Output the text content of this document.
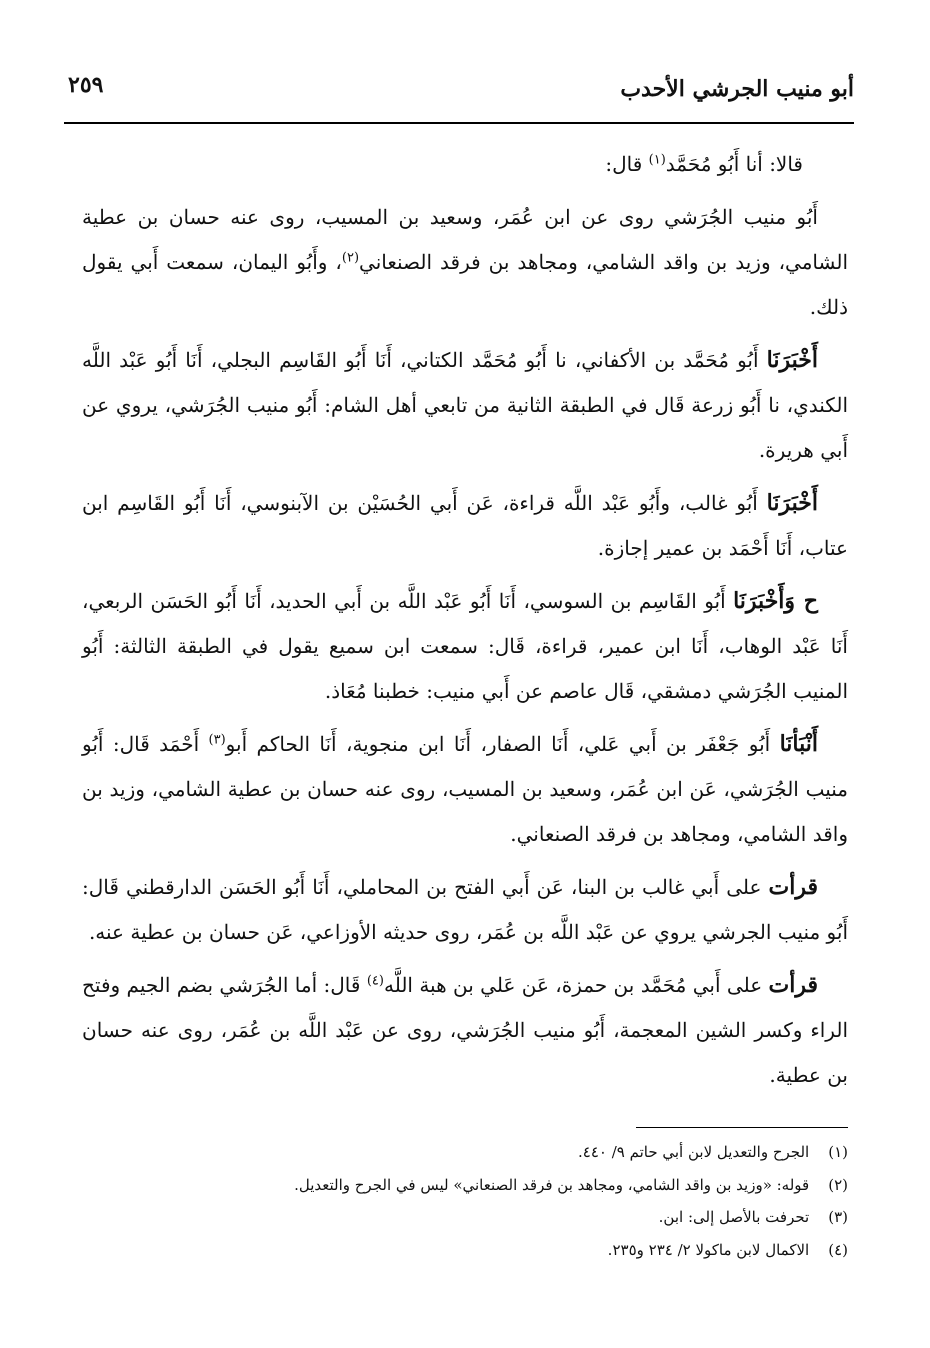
أبو منيب الجرشي الأحدب
٢٥٩

قالا: أنا أَبُو مُحَمَّد$^{(١)}$ قال:

أَبُو منيب الجُرَشي روى عن ابن عُمَر، وسعيد بن المسيب، روى عنه حسان بن عطية الشامي، وزيد بن واقد الشامي، ومجاهد بن فرقد الصنعاني$^{(٢)}$، وأَبُو اليمان، سمعت أَبي يقول ذلك.

أَخْبَرَنَا أَبُو مُحَمَّد بن الأكفاني، نا أَبُو مُحَمَّد الكتاني، أَنَا أَبُو القَاسِم البجلي، أَنَا أَبُو عَبْد اللَّه الكندي، نا أَبُو زرعة قَال في الطبقة الثانية من تابعي أهل الشام: أَبُو منيب الجُرَشي، يروي عن أَبي هريرة.

أَخْبَرَنَا أَبُو غالب، وأَبُو عَبْد اللَّه قراءة، عَن أَبي الحُسَيْن بن الآبنوسي، أَنَا أَبُو القَاسِم ابن عتاب، أَنَا أَحْمَد بن عمير إجازة.

ح وَأَخْبَرَنَا أَبُو القَاسِم بن السوسي، أَنَا أَبُو عَبْد اللَّه بن أَبي الحديد، أَنَا أَبُو الحَسَن الربعي، أَنَا عَبْد الوهاب، أَنَا ابن عمير، قراءة، قَال: سمعت ابن سميع يقول في الطبقة الثالثة: أَبُو المنيب الجُرَشي دمشقي، قَال عاصم عن أَبي منيب: خطبنا مُعَاذ.

أَنْبَأنَا أَبُو جَعْفَر بن أَبي عَلي، أَنَا الصفار، أَنَا ابن منجوية، أَنَا الحاكم أَبو$^{(٣)}$ أَحْمَد قَال: أَبُو منيب الجُرَشي، عَن ابن عُمَر، وسعيد بن المسيب، روى عنه حسان بن عطية الشامي، وزيد بن واقد الشامي، ومجاهد بن فرقد الصنعاني.

قرأت على أَبي غالب بن البنا، عَن أَبي الفتح بن المحاملي، أَنَا أَبُو الحَسَن الدارقطني قَال: أَبُو منيب الجرشي يروي عن عَبْد اللَّه بن عُمَر، روى حديثه الأوزاعي، عَن حسان بن عطية عنه.

قرأت على أَبي مُحَمَّد بن حمزة، عَن عَلي بن هبة اللَّه$^{(٤)}$ قَال: أما الجُرَشي بضم الجيم وفتح الراء وكسر الشين المعجمة، أَبُو منيب الجُرَشي، روى عن عَبْد اللَّه بن عُمَر، روى عنه حسان بن عطية.

(١) الجرح والتعديل لابن أبي حاتم ٩/ ٤٤٠.
(٢) قوله: «وزيد بن واقد الشامي، ومجاهد بن فرقد الصنعاني» ليس في الجرح والتعديل.
(٣) تحرفت بالأصل إلى: ابن.
(٤) الاكمال لابن ماكولا ٢/ ٢٣٤ و٢٣٥.
